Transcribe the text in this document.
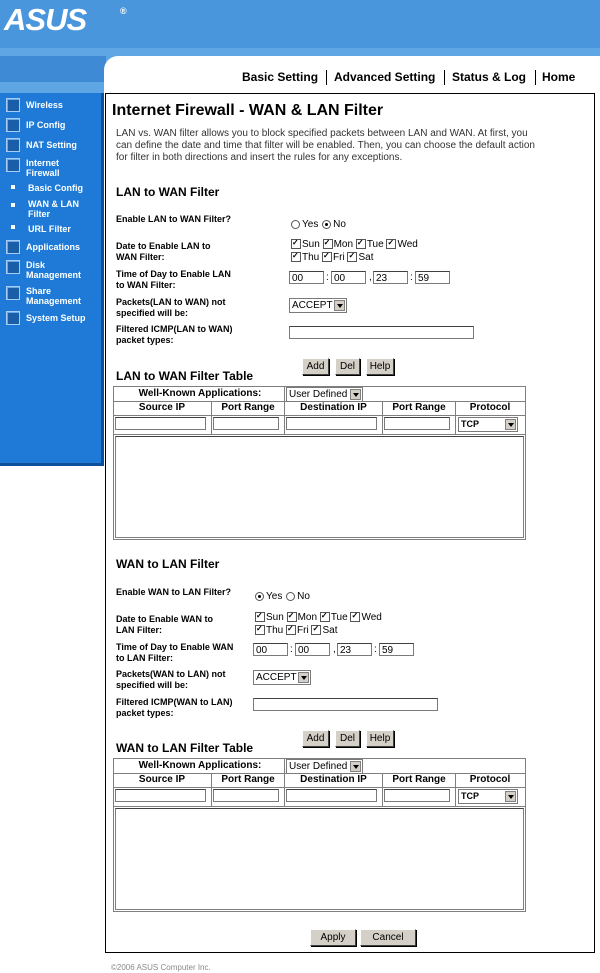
ASUS	®
Basic Setting Advanced Setting Status & Log Home
Wireless
IP Config
NAT Setting
Internet Firewall
Basic Config
WAN & LAN Filter
URL Filter
Applications
Disk Management
Share Management
System Setup
Internet Firewall - WAN & LAN Filter
LAN vs. WAN filter allows you to block specified packets between LAN and WAN. At first, you can define the date and time that filter will be enabled. Then, you can choose the default action for filter in both directions and insert the rules for any exceptions.
LAN to WAN Filter
Enable LAN to WAN Filter?	Yes No
Date to Enable LAN to WAN Filter:
✓Sun ✓ Mon ✓ Tue ✓ Wed
✓Thu ✓ Fri ✓ Sat
Time of Day to Enable LAN to WAN Filter:
00	: 00	, 23	: 59
Packets(LAN to WAN) not specified will be:
ACCEPT
Filtered ICMP(LAN to WAN) packet types:
Add	Del	Help
LAN to WAN Filter Table
Well-Known Applications:	User Defined
Source IP	Port Range	Destination IP	Port Range	Protocol
TCP
WAN to LAN Filter
Enable WAN to LAN Filter?	Yes No
Date to Enable WAN to LAN Filter:
✓Sun ✓ Mon ✓ Tue ✓ Wed
✓Thu ✓ Fri ✓ Sat
Time of Day to Enable WAN to LAN Filter:
00	: 00	, 23	: 59
Packets(WAN to LAN) not specified will be:
ACCEPT
Filtered ICMP(WAN to LAN) packet types:
Add	Del	Help
WAN to LAN Filter Table
Well-Known Applications:	User Defined
Source IP	Port Range	Destination IP	Port Range	Protocol
TCP
Apply	Cancel
©2006 ASUS Computer Inc.
